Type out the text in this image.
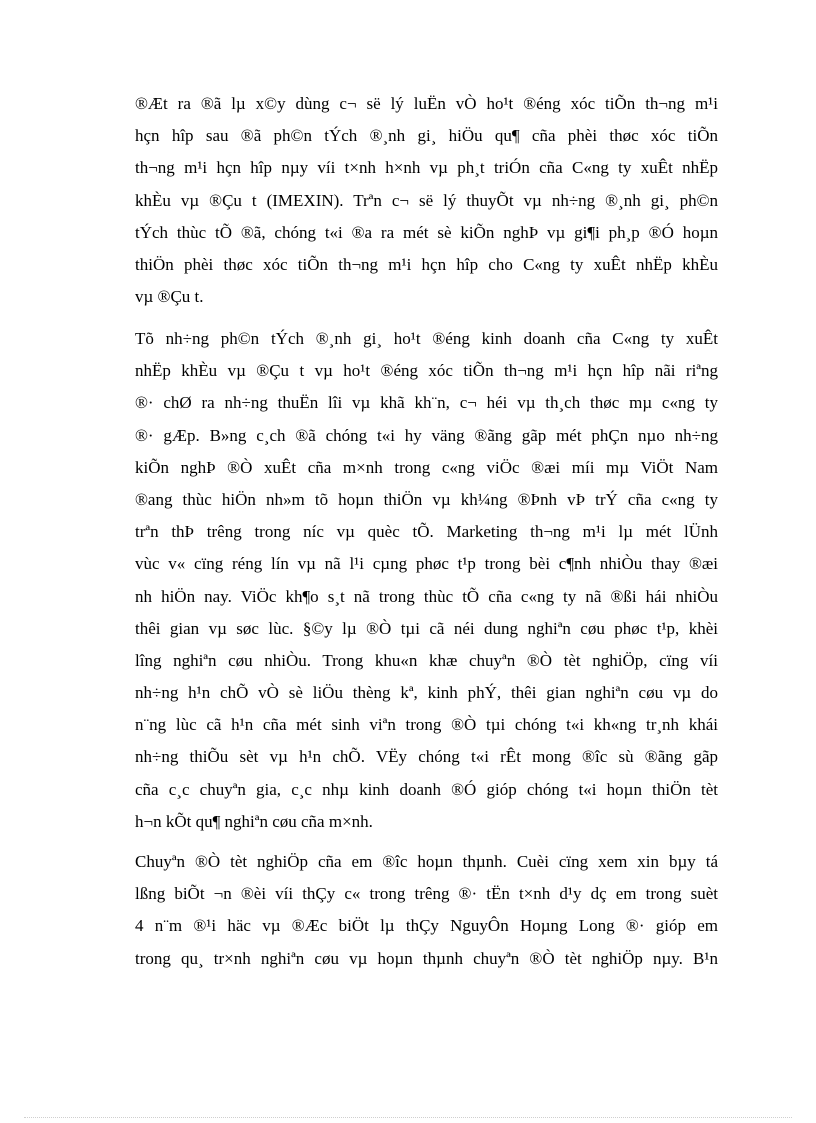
®Æt ra ®ã lµ x©y dùng c¬ së lý luËn vÒ ho¹t ®éng xóc tiÕn th¬ng m¹i
hçn hîp sau ®ã ph©n tÝch ®¸nh gi¸ hiÖu qu¶ cña phèi thøc xóc tiÕn
th¬ng m¹i hçn hîp nµy víi t×nh h×nh vµ ph¸t triÓn cña C«ng ty xuÊt nhËp
khÈu vµ ®Çu t (IMEXIN). Trªn c¬ së lý thuyÕt vµ nh÷ng ®¸nh gi¸ ph©n
tÝch thùc tÕ ®ã, chóng t«i ®a ra mét sè kiÕn nghÞ vµ gi¶i ph¸p ®Ó hoµn
thiÖn phèi thøc xóc tiÕn th¬ng m¹i hçn hîp cho C«ng ty xuÊt nhËp khÈu
vµ ®Çu t.
Tõ nh÷ng ph©n tÝch ®¸nh gi¸ ho¹t ®éng kinh doanh cña C«ng ty xuÊt
nhËp khÈu vµ ®Çu t vµ ho¹t ®éng xóc tiÕn th¬ng m¹i hçn hîp nãi riªng
®· chØ ra nh÷ng thuËn lîi vµ khã kh¨n, c¬ héi vµ th¸ch thøc mµ c«ng ty
®· gÆp. B»ng c¸ch ®ã chóng t«i hy väng ®ãng gãp mét phÇn nµo nh÷ng
kiÕn nghÞ ®Ò xuÊt cña m×nh trong c«ng viÖc ®æi míi mµ ViÖt Nam
®ang thùc hiÖn nh»m tõ hoµn thiÖn vµ kh¼ng ®Þnh vÞ trÝ cña c«ng ty
trªn thÞ trêng trong níc vµ quèc tÕ. Marketing th¬ng m¹i lµ mét lÜnh
vùc v« cïng réng lín vµ nã l¹i cµng phøc t¹p trong bèi c¶nh nhiÒu thay ®æi
nh hiÖn nay. ViÖc kh¶o s¸t nã trong thùc tÕ cña c«ng ty nã ®ßi hái nhiÒu
thêi gian vµ søc lùc. §©y lµ ®Ò tµi cã néi dung nghiªn cøu phøc t¹p, khèi
lîng nghiªn cøu nhiÒu. Trong khu«n khæ chuyªn ®Ò tèt nghiÖp, cïng víi
nh÷ng h¹n chÕ vÒ sè liÖu thèng kª, kinh phÝ, thêi gian nghiªn cøu vµ do
n¨ng lùc cã h¹n cña mét sinh viªn trong ®Ò tµi chóng t«i kh«ng tr¸nh khái
nh÷ng thiÕu sèt vµ h¹n chÕ. VËy chóng t«i rÊt mong ®îc sù ®ãng gãp
cña c¸c chuyªn gia, c¸c nhµ kinh doanh ®Ó gióp chóng t«i hoµn thiÖn tèt
h¬n kÕt qu¶ nghiªn cøu cña m×nh.
Chuyªn ®Ò tèt nghiÖp cña em ®îc hoµn thµnh. Cuèi cïng xem xin bµy tá
lßng biÕt ¬n ®èi víi thÇy c« trong trêng ®· tËn t×nh d¹y dç em trong suèt
4 n¨m ®¹i häc vµ ®Æc biÖt lµ thÇy NguyÔn Hoµng Long ®· gióp em
trong qu¸ tr×nh nghiªn cøu vµ hoµn thµnh chuyªn ®Ò tèt nghiÖp nµy. B¹n
